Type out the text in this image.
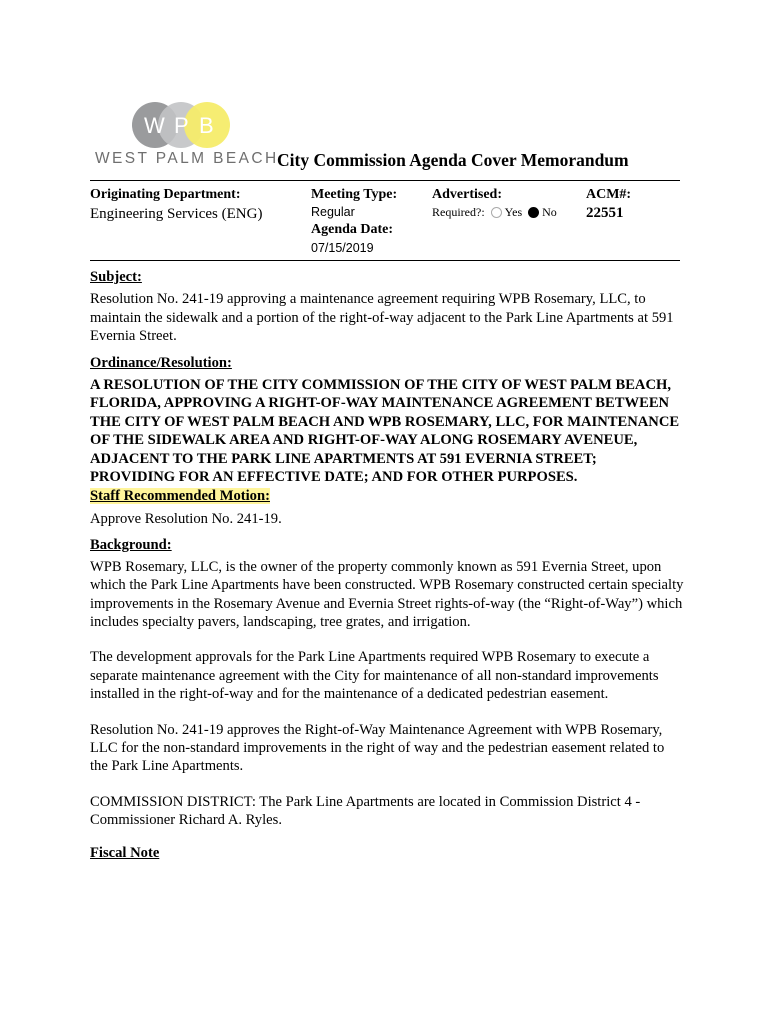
W P B
WEST PALM BEACH
City Commission Agenda Cover Memorandum
Originating Department:
Engineering Services (ENG)
Meeting Type:
Regular
Agenda Date:
07/15/2019
Advertised:
Required?: Yes No
ACM#:
22551

Subject:

Resolution No. 241-19 approving a maintenance agreement requiring WPB Rosemary, LLC, to maintain the sidewalk and a portion of the right-of-way adjacent to the Park Line Apartments at 591 Evernia Street.

Ordinance/Resolution:

A RESOLUTION OF THE CITY COMMISSION OF THE CITY OF WEST PALM BEACH, FLORIDA, APPROVING A RIGHT-OF-WAY MAINTENANCE AGREEMENT BETWEEN THE CITY OF WEST PALM BEACH AND WPB ROSEMARY, LLC, FOR MAINTENANCE OF THE SIDEWALK AREA AND RIGHT-OF-WAY ALONG ROSEMARY AVENEUE, ADJACENT TO THE PARK LINE APARTMENTS AT 591 EVERNIA STREET; PROVIDING FOR AN EFFECTIVE DATE; AND FOR OTHER PURPOSES.

Staff Recommended Motion:

Approve Resolution No. 241-19.

Background:

WPB Rosemary, LLC, is the owner of the property commonly known as 591 Evernia Street, upon which the Park Line Apartments have been constructed. WPB Rosemary constructed certain specialty improvements in the Rosemary Avenue and Evernia Street rights-of-way (the “Right-of-Way”) which includes specialty pavers, landscaping, tree grates, and irrigation.

The development approvals for the Park Line Apartments required WPB Rosemary to execute a separate maintenance agreement with the City for maintenance of all non-standard improvements installed in the right-of-way and for the maintenance of a dedicated pedestrian easement.

Resolution No. 241-19 approves the Right-of-Way Maintenance Agreement with WPB Rosemary, LLC for the non-standard improvements in the right of way and the pedestrian easement related to the Park Line Apartments.

COMMISSION DISTRICT: The Park Line Apartments are located in Commission District 4 - Commissioner Richard A. Ryles.

Fiscal Note
